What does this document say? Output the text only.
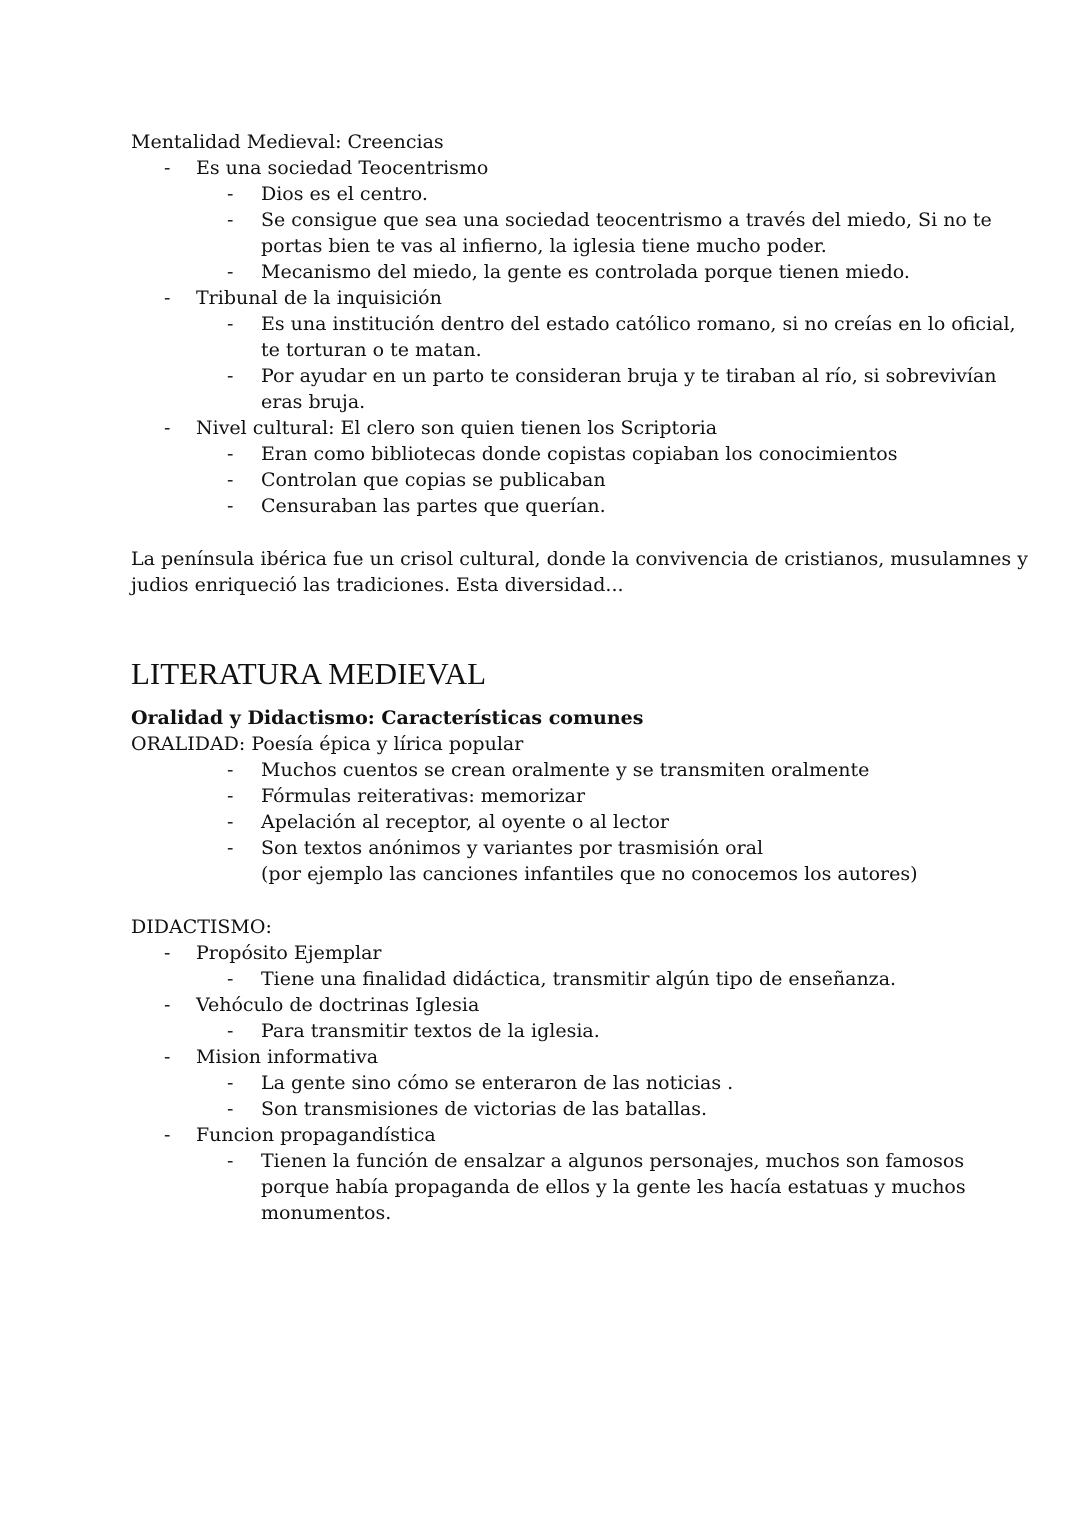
Mentalidad Medieval: Creencias
- Es una sociedad Teocentrismo
- Dios es el centro.
- Se consigue que sea una sociedad teocentrismo a través del miedo, Si no te
portas bien te vas al infierno, la iglesia tiene mucho poder.
- Mecanismo del miedo, la gente es controlada porque tienen miedo.
- Tribunal de la inquisición
- Es una institución dentro del estado católico romano, si no creías en lo oficial,
te torturan o te matan.
- Por ayudar en un parto te consideran bruja y te tiraban al río, si sobrevivían
eras bruja.
- Nivel cultural: El clero son quien tienen los Scriptoria
- Eran como bibliotecas donde copistas copiaban los conocimientos
- Controlan que copias se publicaban
- Censuraban las partes que querían.
La península ibérica fue un crisol cultural, donde la convivencia de cristianos, musulamnes y
judios enriqueció las tradiciones. Esta diversidad...
LITERATURA MEDIEVAL
Oralidad y Didactismo: Características comunes
ORALIDAD: Poesía épica y lírica popular
- Muchos cuentos se crean oralmente y se transmiten oralmente
- Fórmulas reiterativas: memorizar
- Apelación al receptor, al oyente o al lector
- Son textos anónimos y variantes por trasmisión oral
(por ejemplo las canciones infantiles que no conocemos los autores)
DIDACTISMO:
- Propósito Ejemplar
- Tiene una finalidad didáctica, transmitir algún tipo de enseñanza.
- Vehóculo de doctrinas Iglesia
- Para transmitir textos de la iglesia.
- Mision informativa
- La gente sino cómo se enteraron de las noticias .
- Son transmisiones de victorias de las batallas.
- Funcion propagandística
- Tienen la función de ensalzar a algunos personajes, muchos son famosos
porque había propaganda de ellos y la gente les hacía estatuas y muchos
monumentos.
